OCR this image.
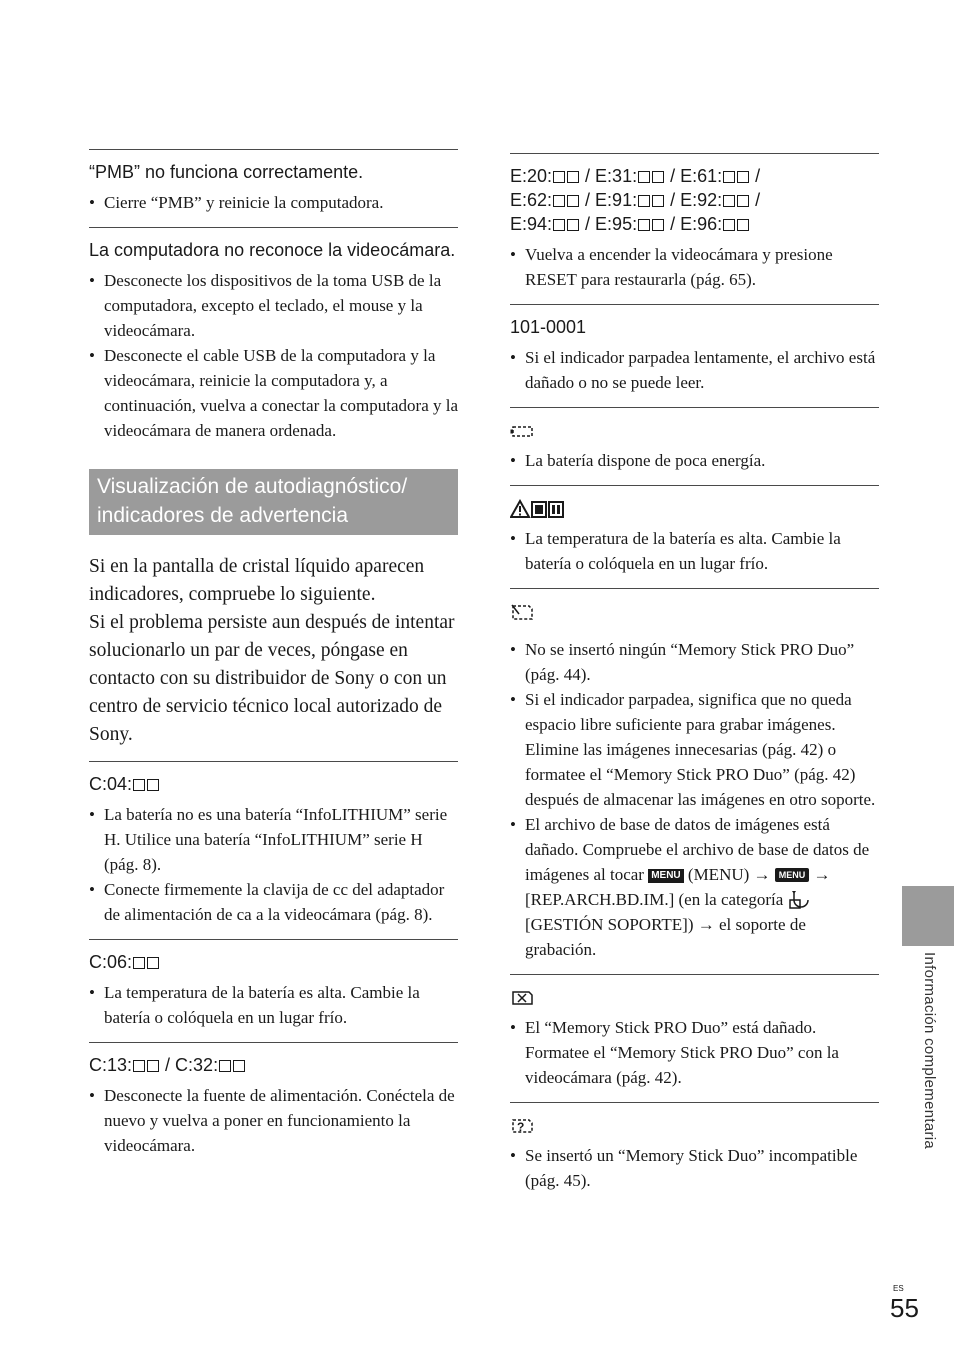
“PMB” no funciona correctamente.
• Cierre “PMB” y reinicie la computadora.
La computadora no reconoce la videocámara.
• Desconecte los dispositivos de la toma USB de la computadora, excepto el teclado, el mouse y la videocámara.
• Desconecte el cable USB de la computadora y la videocámara, reinicie la computadora y, a continuación, vuelva a conectar la computadora y la videocámara de manera ordenada.
Visualización de autodiagnóstico/ indicadores de advertencia

Si en la pantalla de cristal líquido aparecen indicadores, compruebe lo siguiente.
Si el problema persiste aun después de intentar solucionarlo un par de veces, póngase en contacto con su distribuidor de Sony o con un centro de servicio técnico local autorizado de Sony.

C:04:
• La batería no es una batería “InfoLITHIUM” serie H. Utilice una batería “InfoLITHIUM” serie H (pág. 8).
• Conecte firmemente la clavija de cc del adaptador de alimentación de ca a la videocámara (pág. 8).
C:06:
• La temperatura de la batería es alta. Cambie la batería o colóquela en un lugar frío.
C:13: / C:32:
• Desconecte la fuente de alimentación. Conéctela de nuevo y vuelva a poner en funcionamiento la videocámara.
E:20: / E:31: / E:61: /
E:62: / E:91: / E:92: /
E:94: / E:95: / E:96:
• Vuelva a encender la videocámara y presione RESET para restaurarla (pág. 65).
101-0001
• Si el indicador parpadea lentamente, el archivo está dañado o no se puede leer.
• La batería dispone de poca energía.
• La temperatura de la batería es alta. Cambie la batería o colóquela en un lugar frío.
• No se insertó ningún “Memory Stick PRO Duo” (pág. 44).
• Si el indicador parpadea, significa que no queda espacio libre suficiente para grabar imágenes. Elimine las imágenes innecesarias (pág. 42) o formatee el “Memory Stick PRO Duo” (pág. 42) después de almacenar las imágenes en otro soporte.
• El archivo de base de datos de imágenes está dañado. Compruebe el archivo de base de datos de imágenes al tocar MENU (MENU) → MENU → [REP.ARCH.BD.IM.] (en la categoría  [GESTIÓN SOPORTE]) → el soporte de grabación.
• El “Memory Stick PRO Duo” está dañado. Formatee el “Memory Stick PRO Duo” con la videocámara (pág. 42).
?
• Se insertó un “Memory Stick Duo” incompatible (pág. 45).
Información complementaria
ES
55
